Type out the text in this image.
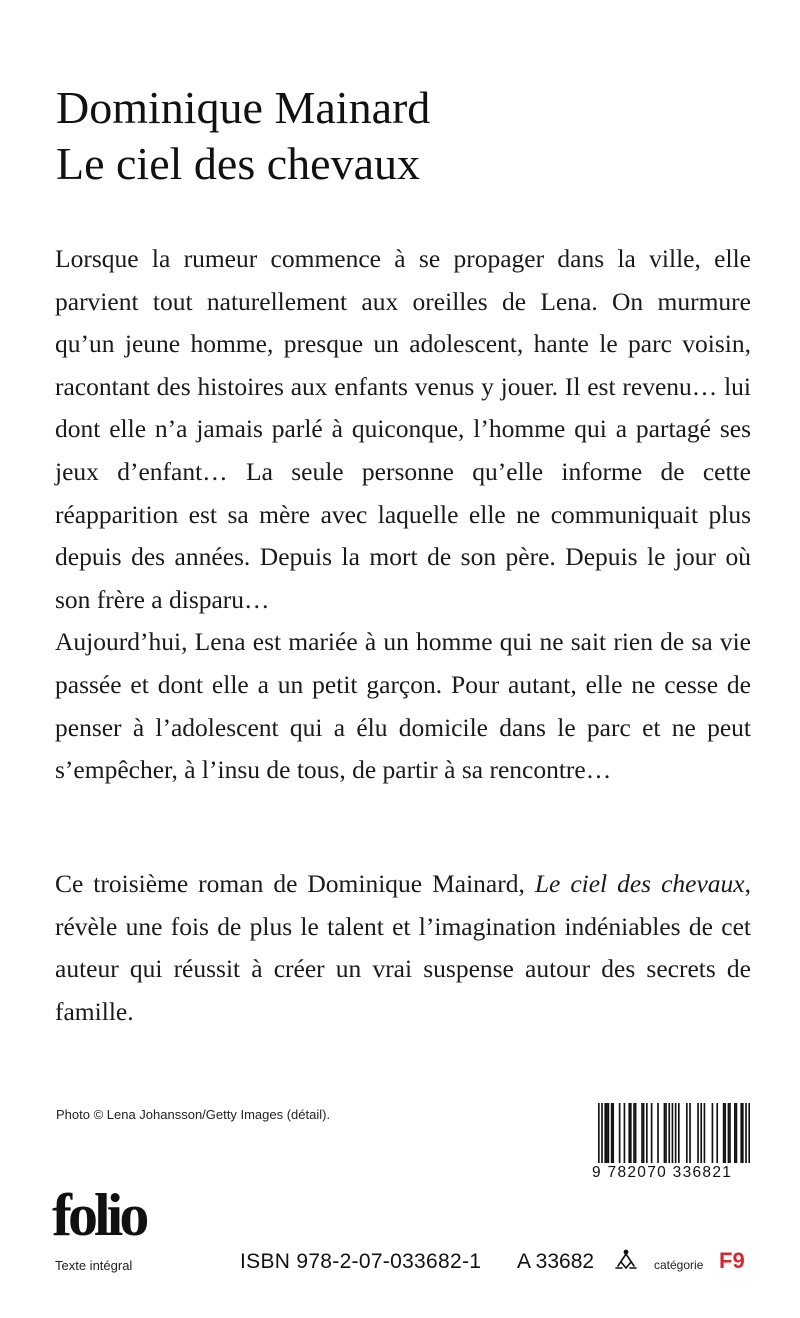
Dominique Mainard
Le ciel des chevaux
Lorsque la rumeur commence à se propager dans la ville, elle parvient tout naturellement aux oreilles de Lena. On murmure qu’un jeune homme, presque un adolescent, hante le parc voisin, racontant des histoires aux enfants venus y jouer. Il est revenu… lui dont elle n’a jamais parlé à quiconque, l’homme qui a partagé ses jeux d’enfant… La seule personne qu’elle informe de cette réapparition est sa mère avec laquelle elle ne communiquait plus depuis des années. Depuis la mort de son père. Depuis le jour où son frère a disparu…
Aujourd’hui, Lena est mariée à un homme qui ne sait rien de sa vie passée et dont elle a un petit garçon. Pour autant, elle ne cesse de penser à l’adolescent qui a élu domicile dans le parc et ne peut s’empêcher, à l’insu de tous, de partir à sa rencontre…
Ce troisième roman de Dominique Mainard, Le ciel des chevaux, révèle une fois de plus le talent et l’imagination indéniables de cet auteur qui réussit à créer un vrai suspense autour des secrets de famille.
Photo © Lena Johansson/Getty Images (détail).
9 782070 336821
folio
Texte intégral	ISBN 978-2-07-033682-1 A 33682	catégorie F9
